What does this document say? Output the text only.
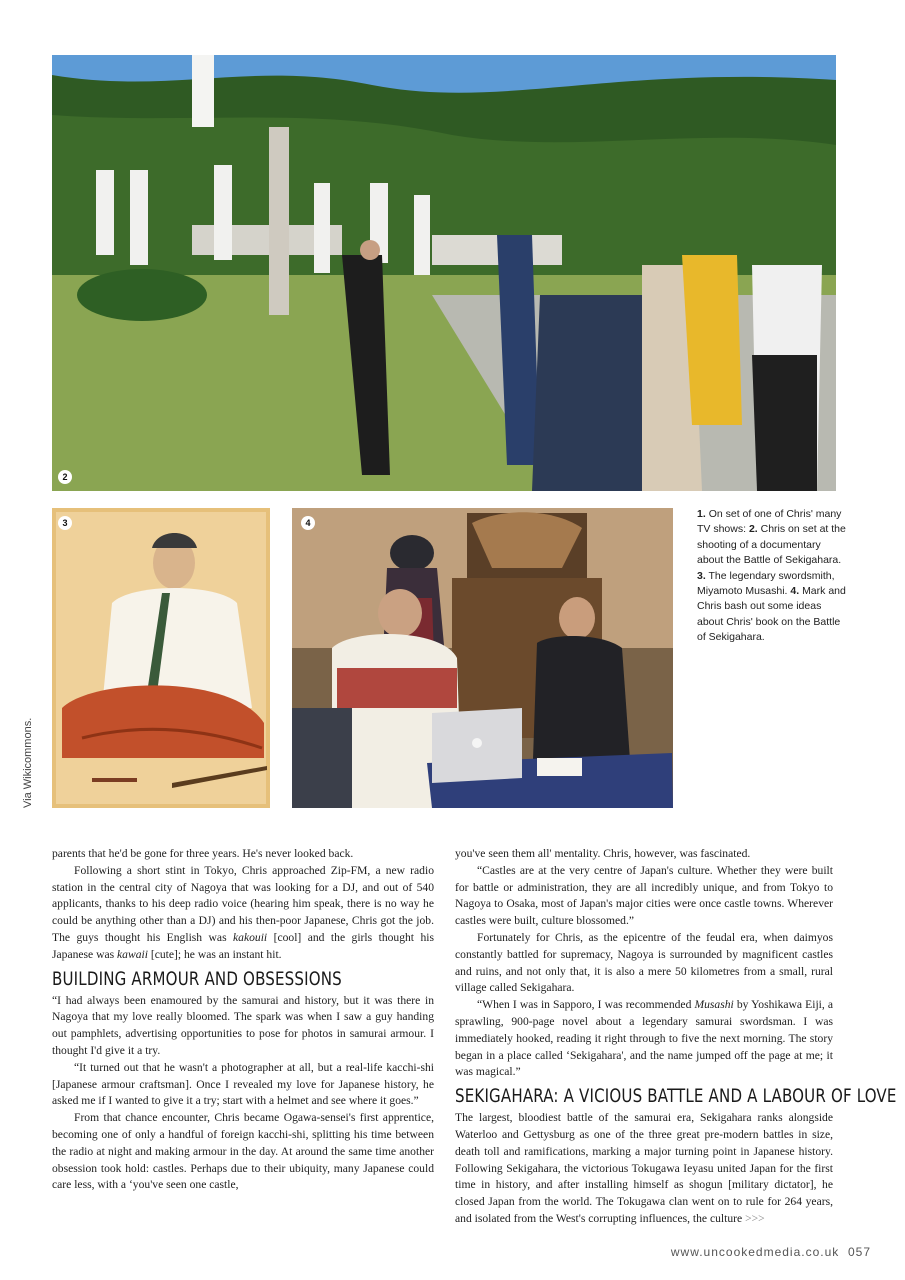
2
3	4
Via Wikicommons.
1. On set of one of Chris' many TV shows: 2. Chris on set at the shooting of a documentary about the Battle of Sekigahara. 3. The legendary swordsmith, Miyamoto Musashi. 4. Mark and Chris bash out some ideas about Chris' book on the Battle of Sekigahara.

parents that he'd be gone for three years. He's never looked back.

Following a short stint in Tokyo, Chris approached Zip-FM, a new radio station in the central city of Nagoya that was looking for a DJ, and out of 540 applicants, thanks to his deep radio voice (hearing him speak, there is no way he could be anything other than a DJ) and his then-poor Japanese, Chris got the job. The guys thought his English was kakouii [cool] and the girls thought his Japanese was kawaii [cute]; he was an instant hit.

BUILDING ARMOUR AND OBSESSIONS

“I had always been enamoured by the samurai and history, but it was there in Nagoya that my love really bloomed. The spark was when I saw a guy handing out pamphlets, advertising opportunities to pose for photos in samurai armour. I thought I'd give it a try.

“It turned out that he wasn't a photographer at all, but a real-life kacchi-shi [Japanese armour craftsman]. Once I revealed my love for Japanese history, he asked me if I wanted to give it a try; start with a helmet and see where it goes.”

From that chance encounter, Chris became Ogawa-sensei's first apprentice, becoming one of only a handful of foreign kacchi-shi, splitting his time between the radio at night and making armour in the day. At around the same time another obsession took hold: castles. Perhaps due to their ubiquity, many Japanese could care less, with a ‘you've seen one castle,

you've seen them all' mentality. Chris, however, was fascinated.

“Castles are at the very centre of Japan's culture. Whether they were built for battle or administration, they are all incredibly unique, and from Tokyo to Nagoya to Osaka, most of Japan's major cities were once castle towns. Wherever castles were built, culture blossomed.”

Fortunately for Chris, as the epicentre of the feudal era, when daimyos constantly battled for supremacy, Nagoya is surrounded by magnificent castles and ruins, and not only that, it is also a mere 50 kilometres from a small, rural village called Sekigahara.

“When I was in Sapporo, I was recommended Musashi by Yoshikawa Eiji, a sprawling, 900-page novel about a legendary samurai swordsman. I was immediately hooked, reading it right through to five the next morning. The story began in a place called ‘Sekigahara', and the name jumped off the page at me; it was magical.”

SEKIGAHARA: A VICIOUS BATTLE AND A LABOUR OF LOVE

The largest, bloodiest battle of the samurai era, Sekigahara ranks alongside Waterloo and Gettysburg as one of the three great pre-modern battles in size, death toll and ramifications, marking a major turning point in Japanese history. Following Sekigahara, the victorious Tokugawa Ieyasu united Japan for the first time in history, and after installing himself as shogun [military dictator], he closed Japan from the world. The Tokugawa clan went on to rule for 264 years, and isolated from the West's corrupting influences, the culture >>>

www.uncookedmedia.co.uk 057
